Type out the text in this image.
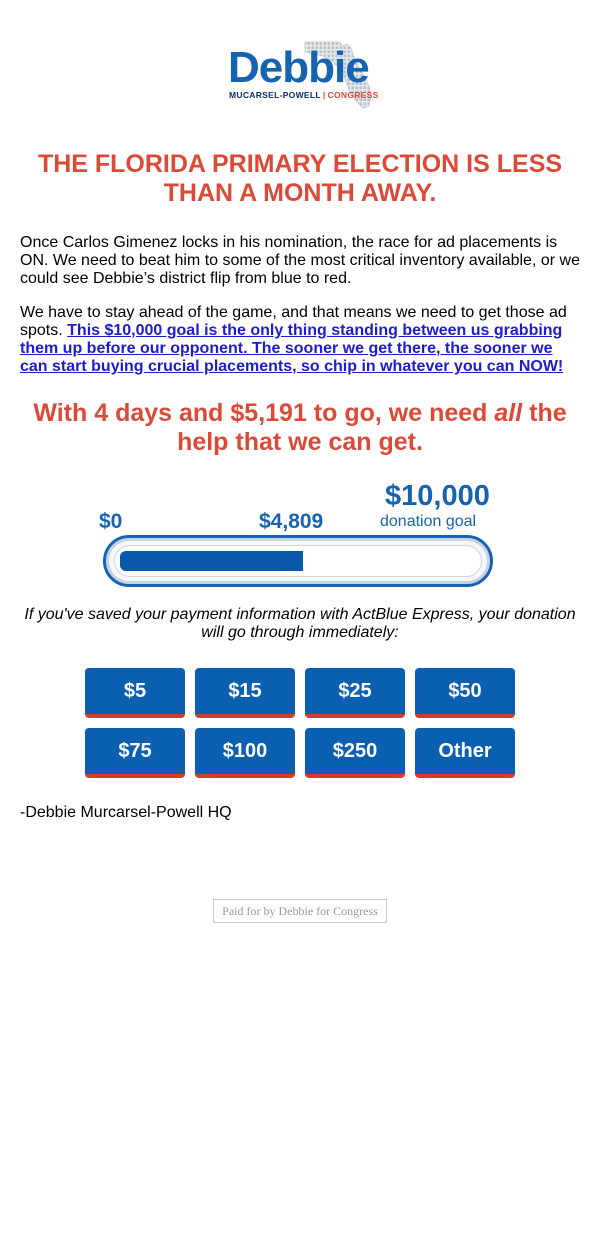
Debbie
MUCARSEL-POWELL | CONGRESS
THE FLORIDA PRIMARY ELECTION IS LESS THAN A MONTH AWAY.

Once Carlos Gimenez locks in his nomination, the race for ad placements is ON. We need to beat him to some of the most critical inventory available, or we could see Debbie’s district flip from blue to red.

We have to stay ahead of the game, and that means we need to get those ad spots. This $10,000 goal is the only thing standing between us grabbing them up before our opponent. The sooner we get there, the sooner we can start buying crucial placements, so chip in whatever you can NOW!

With 4 days and $5,191 to go, we need all the help that we can get.

$10,000
donation goal
$0	$4,809

If you've saved your payment information with ActBlue Express, your donation will go through immediately:

$5	$15	$25	$50
$75	$100	$250	Other

-Debbie Murcarsel-Powell HQ

Paid for by Debbie for Congress
